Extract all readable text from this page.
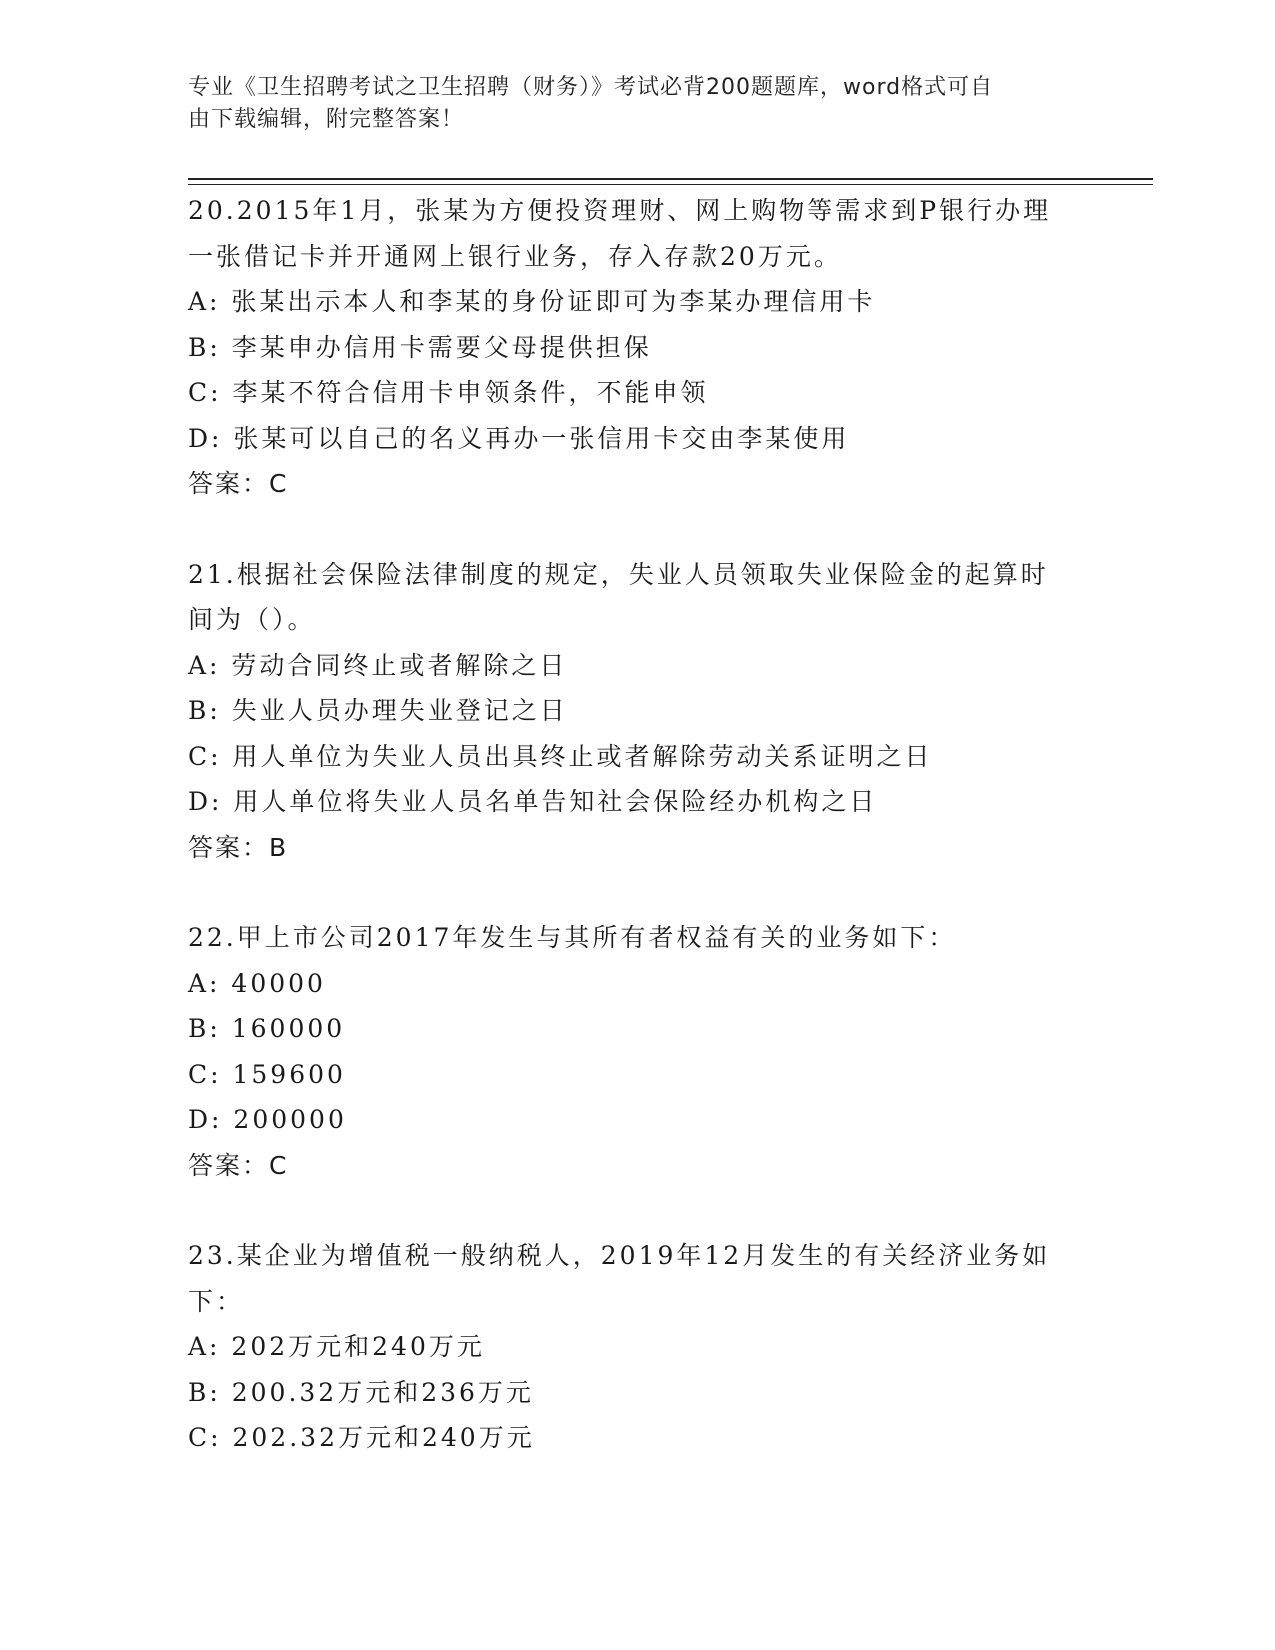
专业《卫生招聘考试之卫生招聘（财务）》考试必背200题题库，word格式可自
由下载编辑，附完整答案！
20.2015年1月，张某为方便投资理财、网上购物等需求到P银行办理
一张借记卡并开通网上银行业务，存入存款20万元。
A: 张某出示本人和李某的身份证即可为李某办理信用卡
B: 李某申办信用卡需要父母提供担保
C: 李某不符合信用卡申领条件，不能申领
D: 张某可以自己的名义再办一张信用卡交由李某使用
答案：C
21.根据社会保险法律制度的规定，失业人员领取失业保险金的起算时
间为（）。
A: 劳动合同终止或者解除之日
B: 失业人员办理失业登记之日
C: 用人单位为失业人员出具终止或者解除劳动关系证明之日
D: 用人单位将失业人员名单告知社会保险经办机构之日
答案：B
22.甲上市公司2017年发生与其所有者权益有关的业务如下：
A: 40000
B: 160000
C: 159600
D: 200000
答案：C
23.某企业为增值税一般纳税人，2019年12月发生的有关经济业务如
下：
A: 202万元和240万元
B: 200.32万元和236万元
C: 202.32万元和240万元
